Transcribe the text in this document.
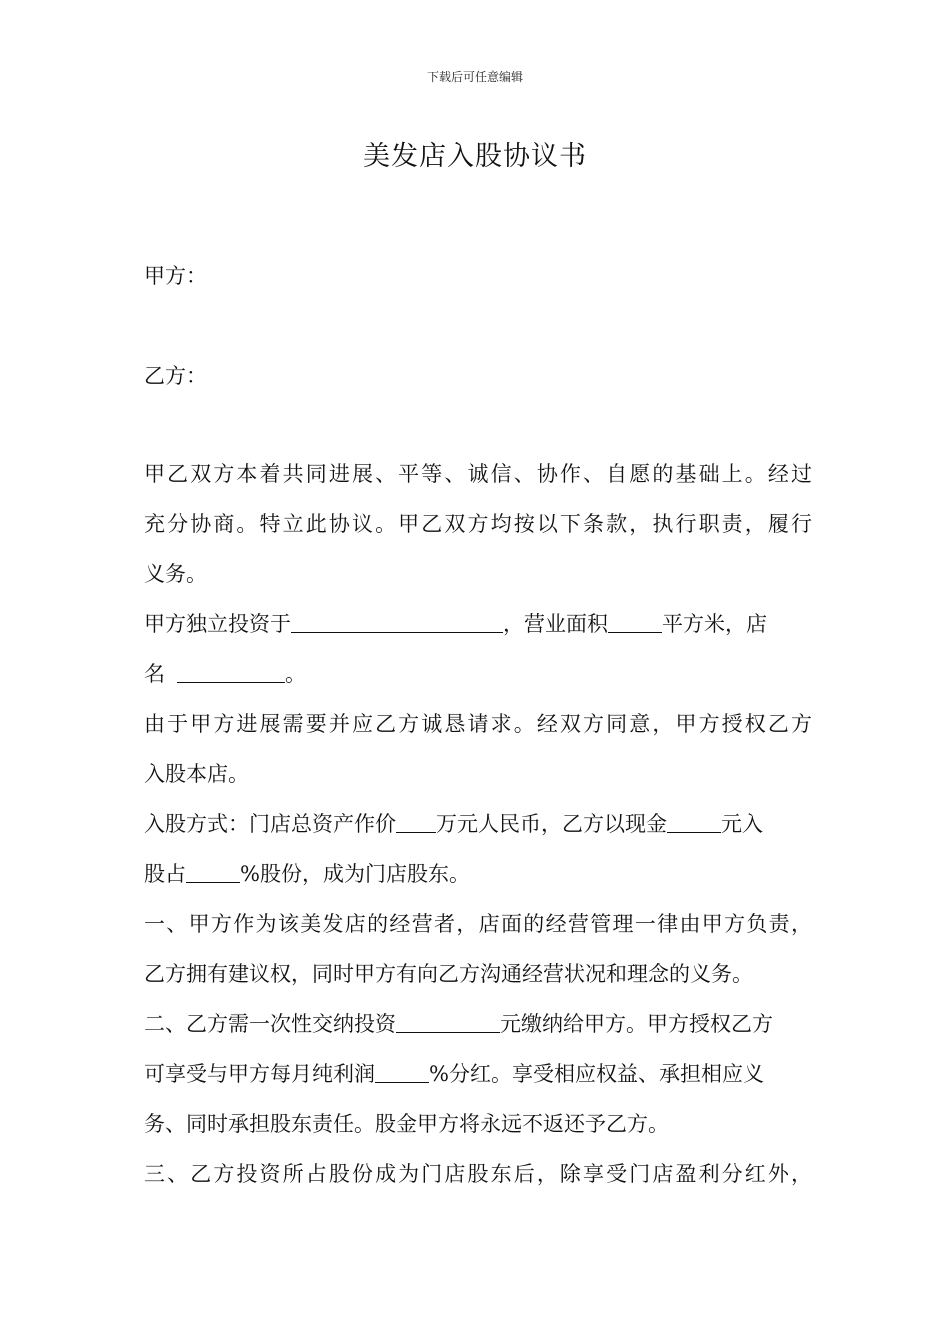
下载后可任意编辑
美发店入股协议书
甲方：
乙方：
甲乙双方本着共同进展、平等、诚信、协作、自愿的基础上。经过
充分协商。特立此协议。甲乙双方均按以下条款，执行职责，履行
义务。
甲方独立投资于	，营业面积	平方米，店
名	。
由于甲方进展需要并应乙方诚恳请求。经双方同意，甲方授权乙方
入股本店。
入股方式：门店总资产作价 万元人民币，乙方以现金	元入
股占	%股份，成为门店股东。
一、甲方作为该美发店的经营者，店面的经营管理一律由甲方负责，
乙方拥有建议权，同时甲方有向乙方沟通经营状况和理念的义务。
二、乙方需一次性交纳投资	元缴纳给甲方。甲方授权乙方
可享受与甲方每月纯利润	%分红。享受相应权益、承担相应义
务、同时承担股东责任。股金甲方将永远不返还予乙方。
三、乙方投资所占股份成为门店股东后，除享受门店盈利分红外，
